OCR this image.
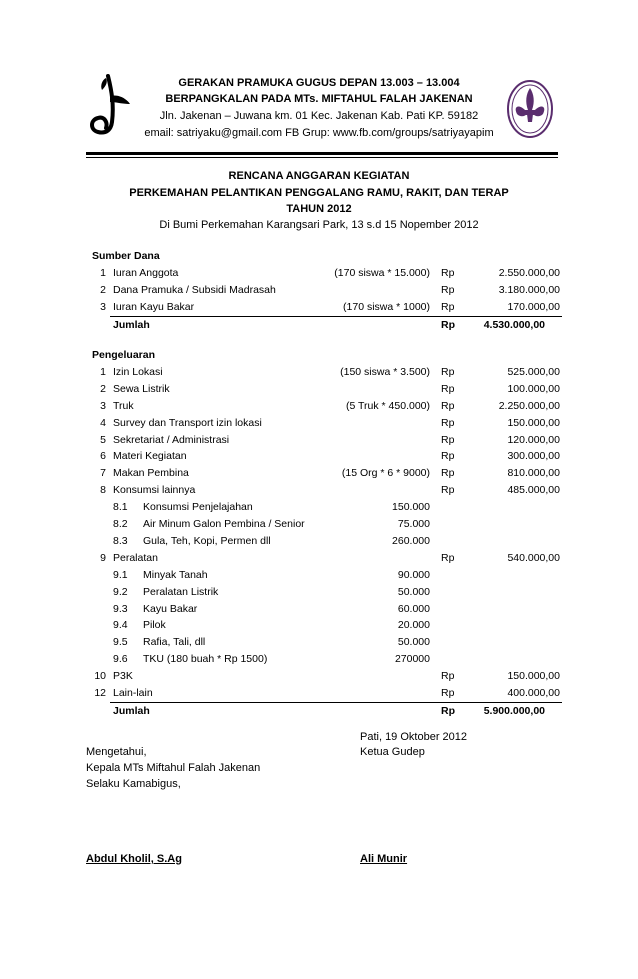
GERAKAN PRAMUKA GUGUS DEPAN 13.003 – 13.004
BERPANGKALAN PADA MTs. MIFTAHUL FALAH JAKENAN
Jln. Jakenan – Juwana km. 01 Kec. Jakenan Kab. Pati KP. 59182
email: satriyaku@gmail.com FB Grup: www.fb.com/groups/satriyayapim
RENCANA ANGGARAN KEGIATAN
PERKEMAHAN PELANTIKAN PENGGALANG RAMU, RAKIT, DAN TERAP
TAHUN 2012
Di Bumi Perkemahan Karangsari Park, 13 s.d 15 Nopember 2012
Sumber Dana
1 Iuran Anggota	(170 siswa * 15.000) Rp	2.550.000,00
2 Dana Pramuka / Subsidi Madrasah	Rp	3.180.000,00
3 Iuran Kayu Bakar	(170 siswa * 1000) Rp	170.000,00
Jumlah	Rp	4.530.000,00
Pengeluaran
1 Izin Lokasi	(150 siswa * 3.500) Rp	525.000,00
2 Sewa Listrik	Rp	100.000,00
3 Truk	(5 Truk * 450.000) Rp	2.250.000,00
4 Survey dan Transport izin lokasi	Rp	150.000,00
5 Sekretariat / Administrasi	Rp	120.000,00
6 Materi Kegiatan	Rp	300.000,00
7 Makan Pembina	(15 Org * 6 * 9000) Rp	810.000,00
8 Konsumsi lainnya	Rp	485.000,00
8.1	Konsumsi Penjelajahan	150.000
8.2	Air Minum Galon Pembina / Senior	75.000
8.3	Gula, Teh, Kopi, Permen dll	260.000
9 Peralatan	Rp	540.000,00
9.1	Minyak Tanah	90.000
9.2	Peralatan Listrik	50.000
9.3	Kayu Bakar	60.000
9.4	Pilok	20.000
9.5	Rafia, Tali, dll	50.000
9.6	TKU (180 buah * Rp 1500)	270000
10 P3K	Rp	150.000,00
12 Lain-lain	Rp	400.000,00
Jumlah	Rp	5.900.000,00
Pati, 19 Oktober 2012
Ketua Gudep
Mengetahui,
Kepala MTs Miftahul Falah Jakenan
Selaku Kamabigus,
Abdul Kholil, S.Ag	Ali Munir
